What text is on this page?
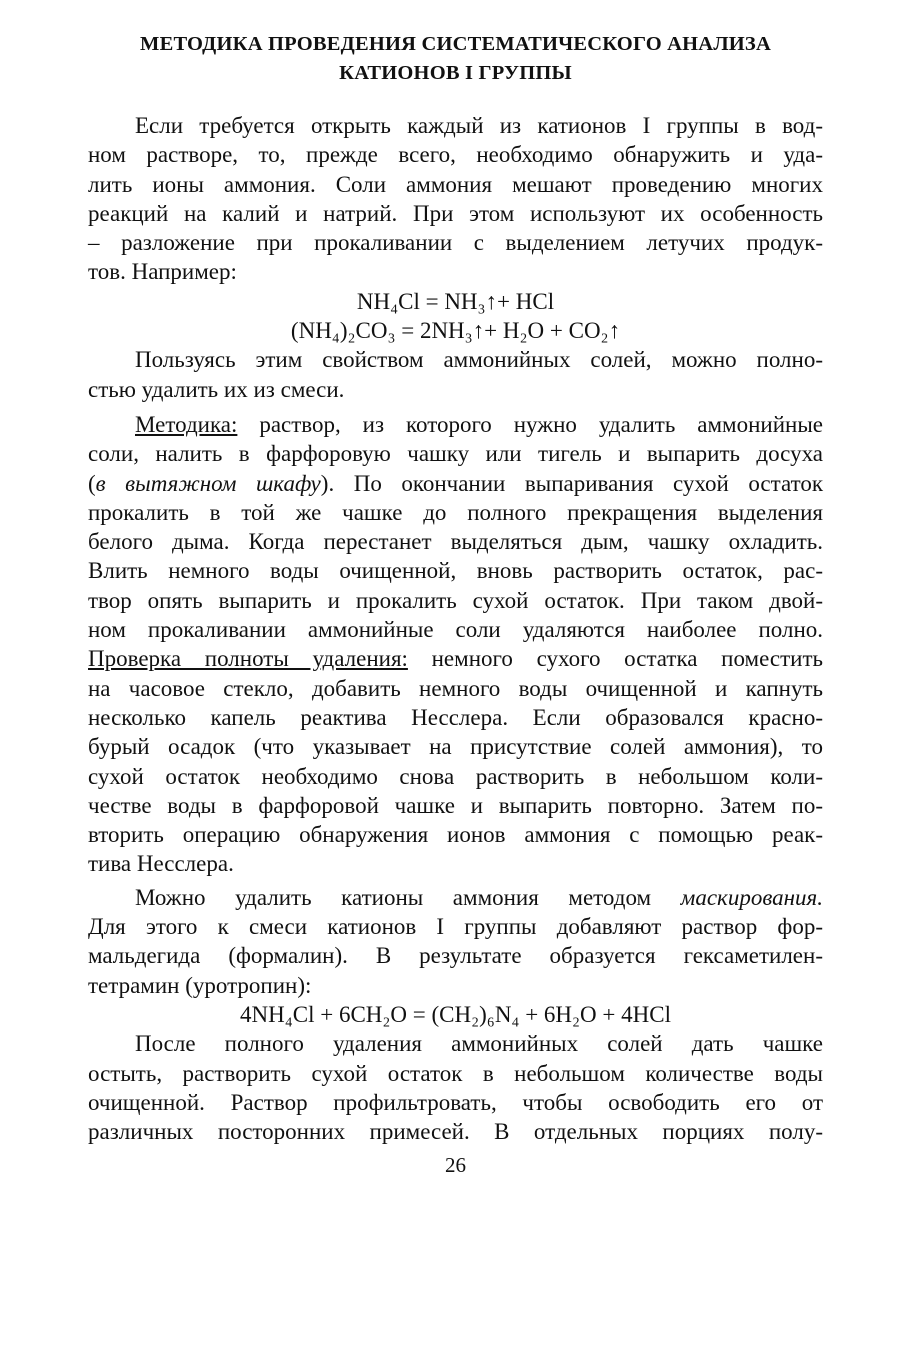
МЕТОДИКА ПРОВЕДЕНИЯ СИСТЕМАТИЧЕСКОГО АНАЛИЗА
КАТИОНОВ I ГРУППЫ
Если требуется открыть каждый из катионов I группы в вод-
ном растворе, то, прежде всего, необходимо обнаружить и уда-
лить ионы аммония. Соли аммония мешают проведению многих
реакций на калий и натрий. При этом используют их особенность
– разложение при прокаливании с выделением летучих продук-
тов. Например:
NH₄Cl = NH₃↑+ HCl
(NH₄)₂CO₃ = 2NH₃↑+ H₂O + CO₂↑
Пользуясь этим свойством аммонийных солей, можно полно-
стью удалить их из смеси.
Методика: раствор, из которого нужно удалить аммонийные
соли, налить в фарфоровую чашку или тигель и выпарить досуха
(в вытяжном шкафу). По окончании выпаривания сухой остаток
прокалить в той же чашке до полного прекращения выделения
белого дыма. Когда перестанет выделяться дым, чашку охладить.
Влить немного воды очищенной, вновь растворить остаток, рас-
твор опять выпарить и прокалить сухой остаток. При таком двой-
ном прокаливании аммонийные соли удаляются наиболее полно.
Проверка полноты удаления: немного сухого остатка поместить
на часовое стекло, добавить немного воды очищенной и капнуть
несколько капель реактива Несслера. Если образовался красно-
бурый осадок (что указывает на присутствие солей аммония), то
сухой остаток необходимо снова растворить в небольшом коли-
честве воды в фарфоровой чашке и выпарить повторно. Затем по-
вторить операцию обнаружения ионов аммония с помощью реак-
тива Несслера.
Можно удалить катионы аммония методом маскирования.
Для этого к смеси катионов I группы добавляют раствор фор-
мальдегида (формалин). В результате образуется гексаметилен-
тетрамин (уротропин):
4NH₄Cl + 6CH₂O = (CH₂)₆N₄ + 6H₂O + 4HCl
После полного удаления аммонийных солей дать чашке
остыть, растворить сухой остаток в небольшом количестве воды
очищенной. Раствор профильтровать, чтобы освободить его от
различных посторонних примесей. В отдельных порциях полу-
26
